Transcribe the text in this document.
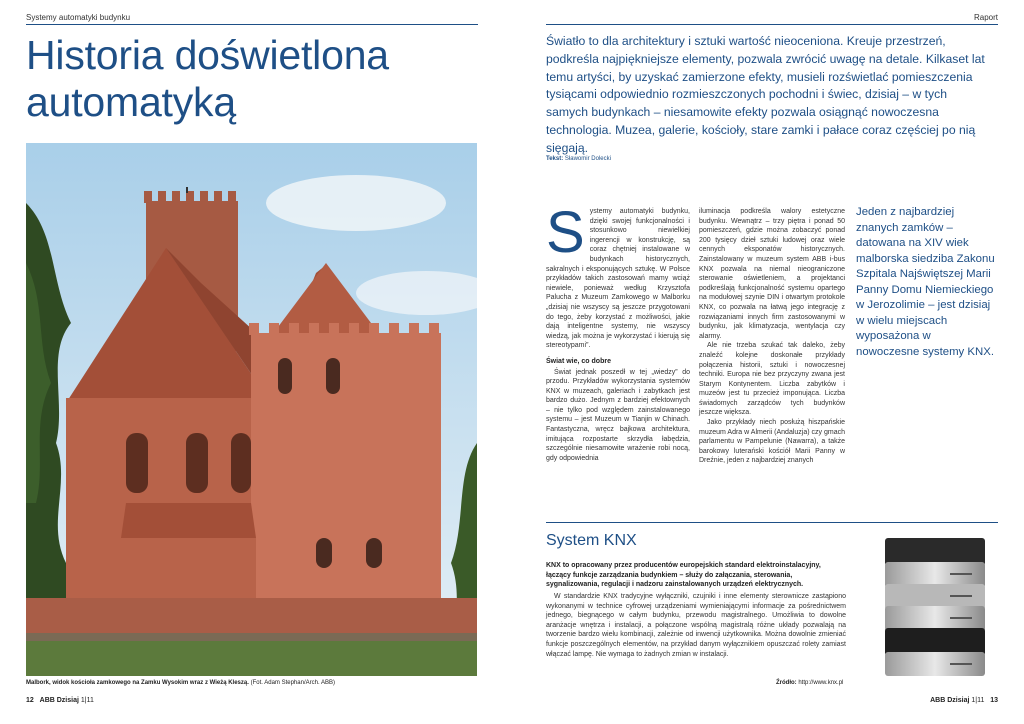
Systemy automatyki budynku	Raport
Historia doświetlona
automatyką
Światło to dla architektury i sztuki wartość nieoceniona. Kreuje przestrzeń, podkreśla najpiękniejsze elementy, pozwala zwrócić uwagę na detale. Kilkaset lat temu artyści, by uzyskać zamierzone efekty, musieli rozświetlać pomieszczenia tysiącami odpowiednio rozmieszczonych pochodni i świec, dzisiaj – w tych samych budynkach – niesamowite efekty pozwala osiągnąć nowoczesna technologia. Muzea, galerie, kościoły, stare zamki i pałace coraz częściej po nią sięgają.
Tekst: Sławomir Dolecki
Malbork, widok kościoła zamkowego na Zamku Wysokim wraz z Wieżą Kleszą. (Fot. Adam Stephan/Arch. ABB)

Systemy automatyki budynku, dzięki swojej funkcjonalności i stosunkowo niewielkiej ingerencji w konstrukcję, są coraz chętniej instalowane w budynkach historycznych, sakralnych i eksponujących sztukę. W Polsce przykładów takich zastosowań mamy wciąż niewiele, ponieważ według Krzysztofa Palucha z Muzeum Zamkowego w Malborku „dzisiaj nie wszyscy są jeszcze przygotowani do tego, żeby korzystać z możliwości, jakie dają inteligentne systemy, nie wszyscy wiedzą, jak można je wykorzystać i kierują się stereotypami”.

Świat wie, co dobre

Świat jednak poszedł w tej „wiedzy” do przodu. Przykładów wykorzystania systemów KNX w muzeach, galeriach i zabytkach jest bardzo dużo. Jednym z bardziej efektownych – nie tylko pod względem zainstalowanego systemu – jest Muzeum w Tianjin w Chinach. Fantastyczna, wręcz bajkowa architektura, imitująca rozpostarte skrzydła łabędzia, szczególnie niesamowite wrażenie robi nocą, gdy odpowiednia

iluminacja podkreśla walory estetyczne budynku. Wewnątrz – trzy piętra i ponad 50 pomieszczeń, gdzie można zobaczyć ponad 200 tysięcy dzieł sztuki ludowej oraz wiele cennych eksponatów historycznych. Zainstalowany w muzeum system ABB i-bus KNX pozwala na niemal nieograniczone sterowanie oświetleniem, a projektanci podkreślają funkcjonalność systemu opartego na modułowej szynie DIN i otwartym protokole KNX, co pozwala na łatwą jego integrację z rozwiązaniami innych firm zastosowanymi w budynku, jak klimatyzacja, wentylacja czy alarmy.

Ale nie trzeba szukać tak daleko, żeby znaleźć kolejne doskonałe przykłady połączenia historii, sztuki i nowoczesnej techniki. Europa nie bez przyczyny zwana jest Starym Kontynentem. Liczba zabytków i muzeów jest tu przecież imponująca. Liczba świadomych zarządców tych budynków jeszcze większa.

Jako przykłady niech posłużą hiszpańskie muzeum Adra w Almerii (Andaluzja) czy gmach parlamentu w Pampelunie (Nawarra), a także barokowy luterański kościół Marii Panny w Dreźnie, jeden z najbardziej znanych

Jeden z najbardziej znanych zamków – datowana na XIV wiek malborska siedziba Zakonu Szpitala Najświętszej Marii Panny Domu Niemieckiego w Jerozolimie – jest dzisiaj w wielu miejscach wyposażona w nowoczesne systemy KNX.
System KNX
KNX to opracowany przez producentów europejskich standard elektroinstalacyjny, łączący funkcje zarządzania budynkiem – służy do załączania, sterowania, sygnalizowania, regulacji i nadzoru zainstalowanych urządzeń elektrycznych.

W standardzie KNX tradycyjne wyłączniki, czujniki i inne elementy sterownicze zastąpiono wykonanymi w technice cyfrowej urządzeniami wymieniającymi informacje za pośrednictwem jednego, biegnącego w całym budynku, przewodu magistralnego. Umożliwia to dowolne aranżacje wnętrza i instalacji, a połączone wspólną magistralą różne układy pozwalają na tworzenie bardzo wielu kombinacji, zależnie od inwencji użytkownika. Można dowolnie zmieniać funkcje poszczególnych elementów, na przykład danym wyłącznikiem opuszczać rolety zamiast włączać lampę. Nie wymaga to żadnych zmian w instalacji.

Źródło: http://www.knx.pl
12 ABB Dzisiaj 1|11	ABB Dzisiaj 1|11 13
